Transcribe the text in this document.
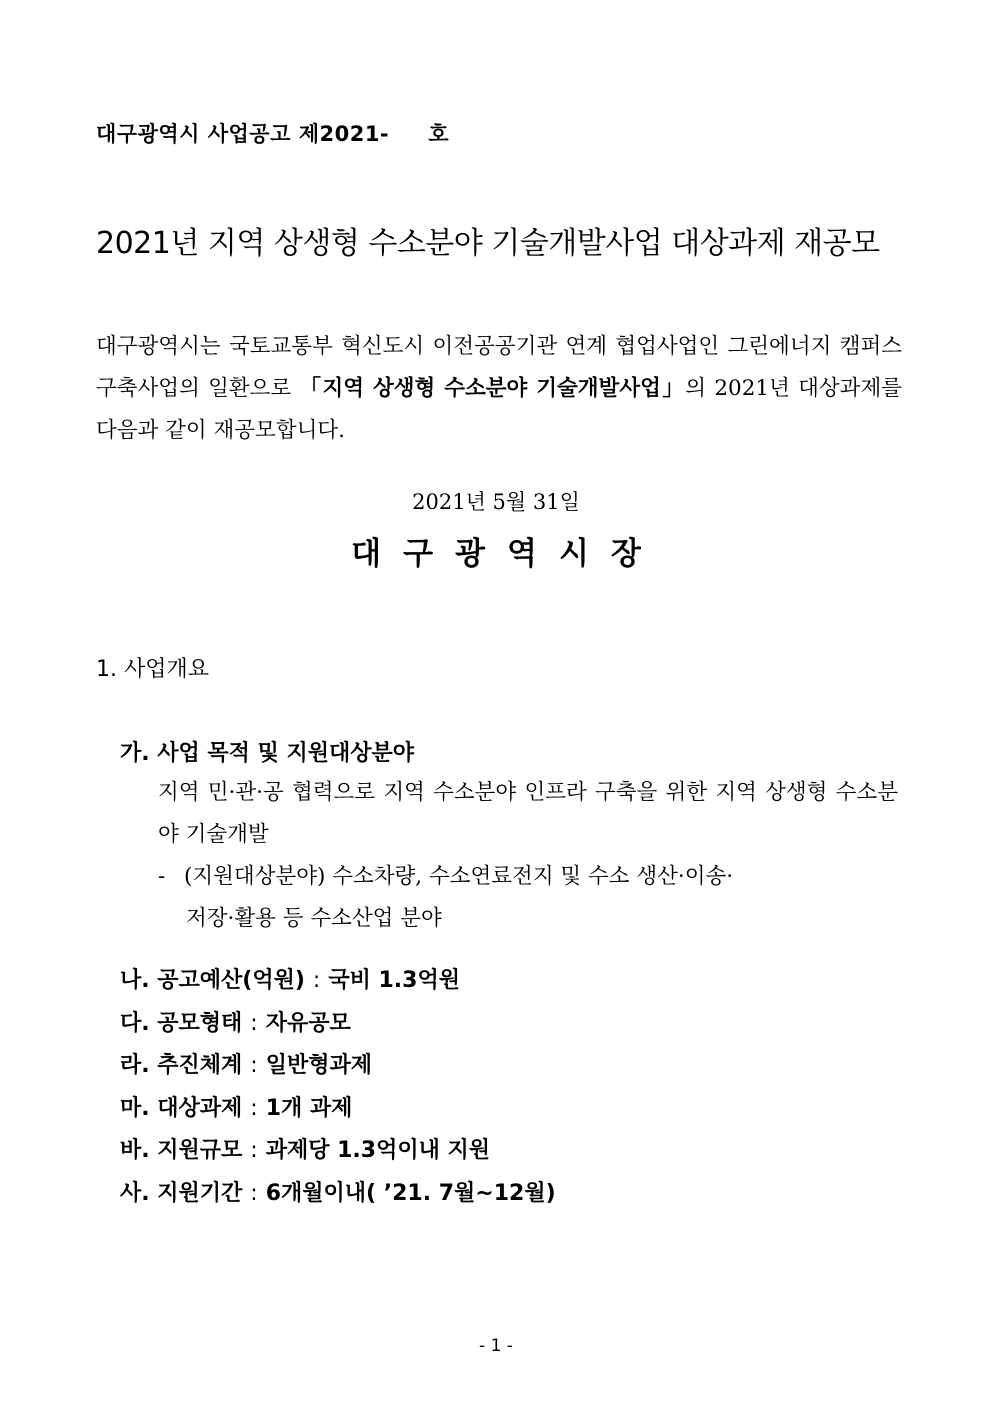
대구광역시 사업공고 제2021-     호
2021년 지역 상생형 수소분야 기술개발사업 대상과제 재공모
대구광역시는 국토교통부 혁신도시 이전공공기관 연계 협업사업인 그린에너지 캠퍼스 구축사업의 일환으로 「지역 상생형 수소분야 기술개발사업」의 2021년 대상과제를 다음과 같이 재공모합니다.
2021년 5월 31일
대구광역시장
1. 사업개요
가. 사업 목적 및 지원대상분야
지역 민·관·공 협력으로 지역 수소분야 인프라 구축을 위한 지역 상생형 수소분야 기술개발
- (지원대상분야) 수소차량, 수소연료전지 및 수소 생산·이송·
저장·활용 등 수소산업 분야
나. 공고예산(억원) : 국비 1.3억원
다. 공모형태 : 자유공모
라. 추진체계 : 일반형과제
마. 대상과제 : 1개 과제
바. 지원규모 : 과제당 1.3억이내 지원
사. 지원기간 : 6개월이내( ’21. 7월~12월)
- 1 -
